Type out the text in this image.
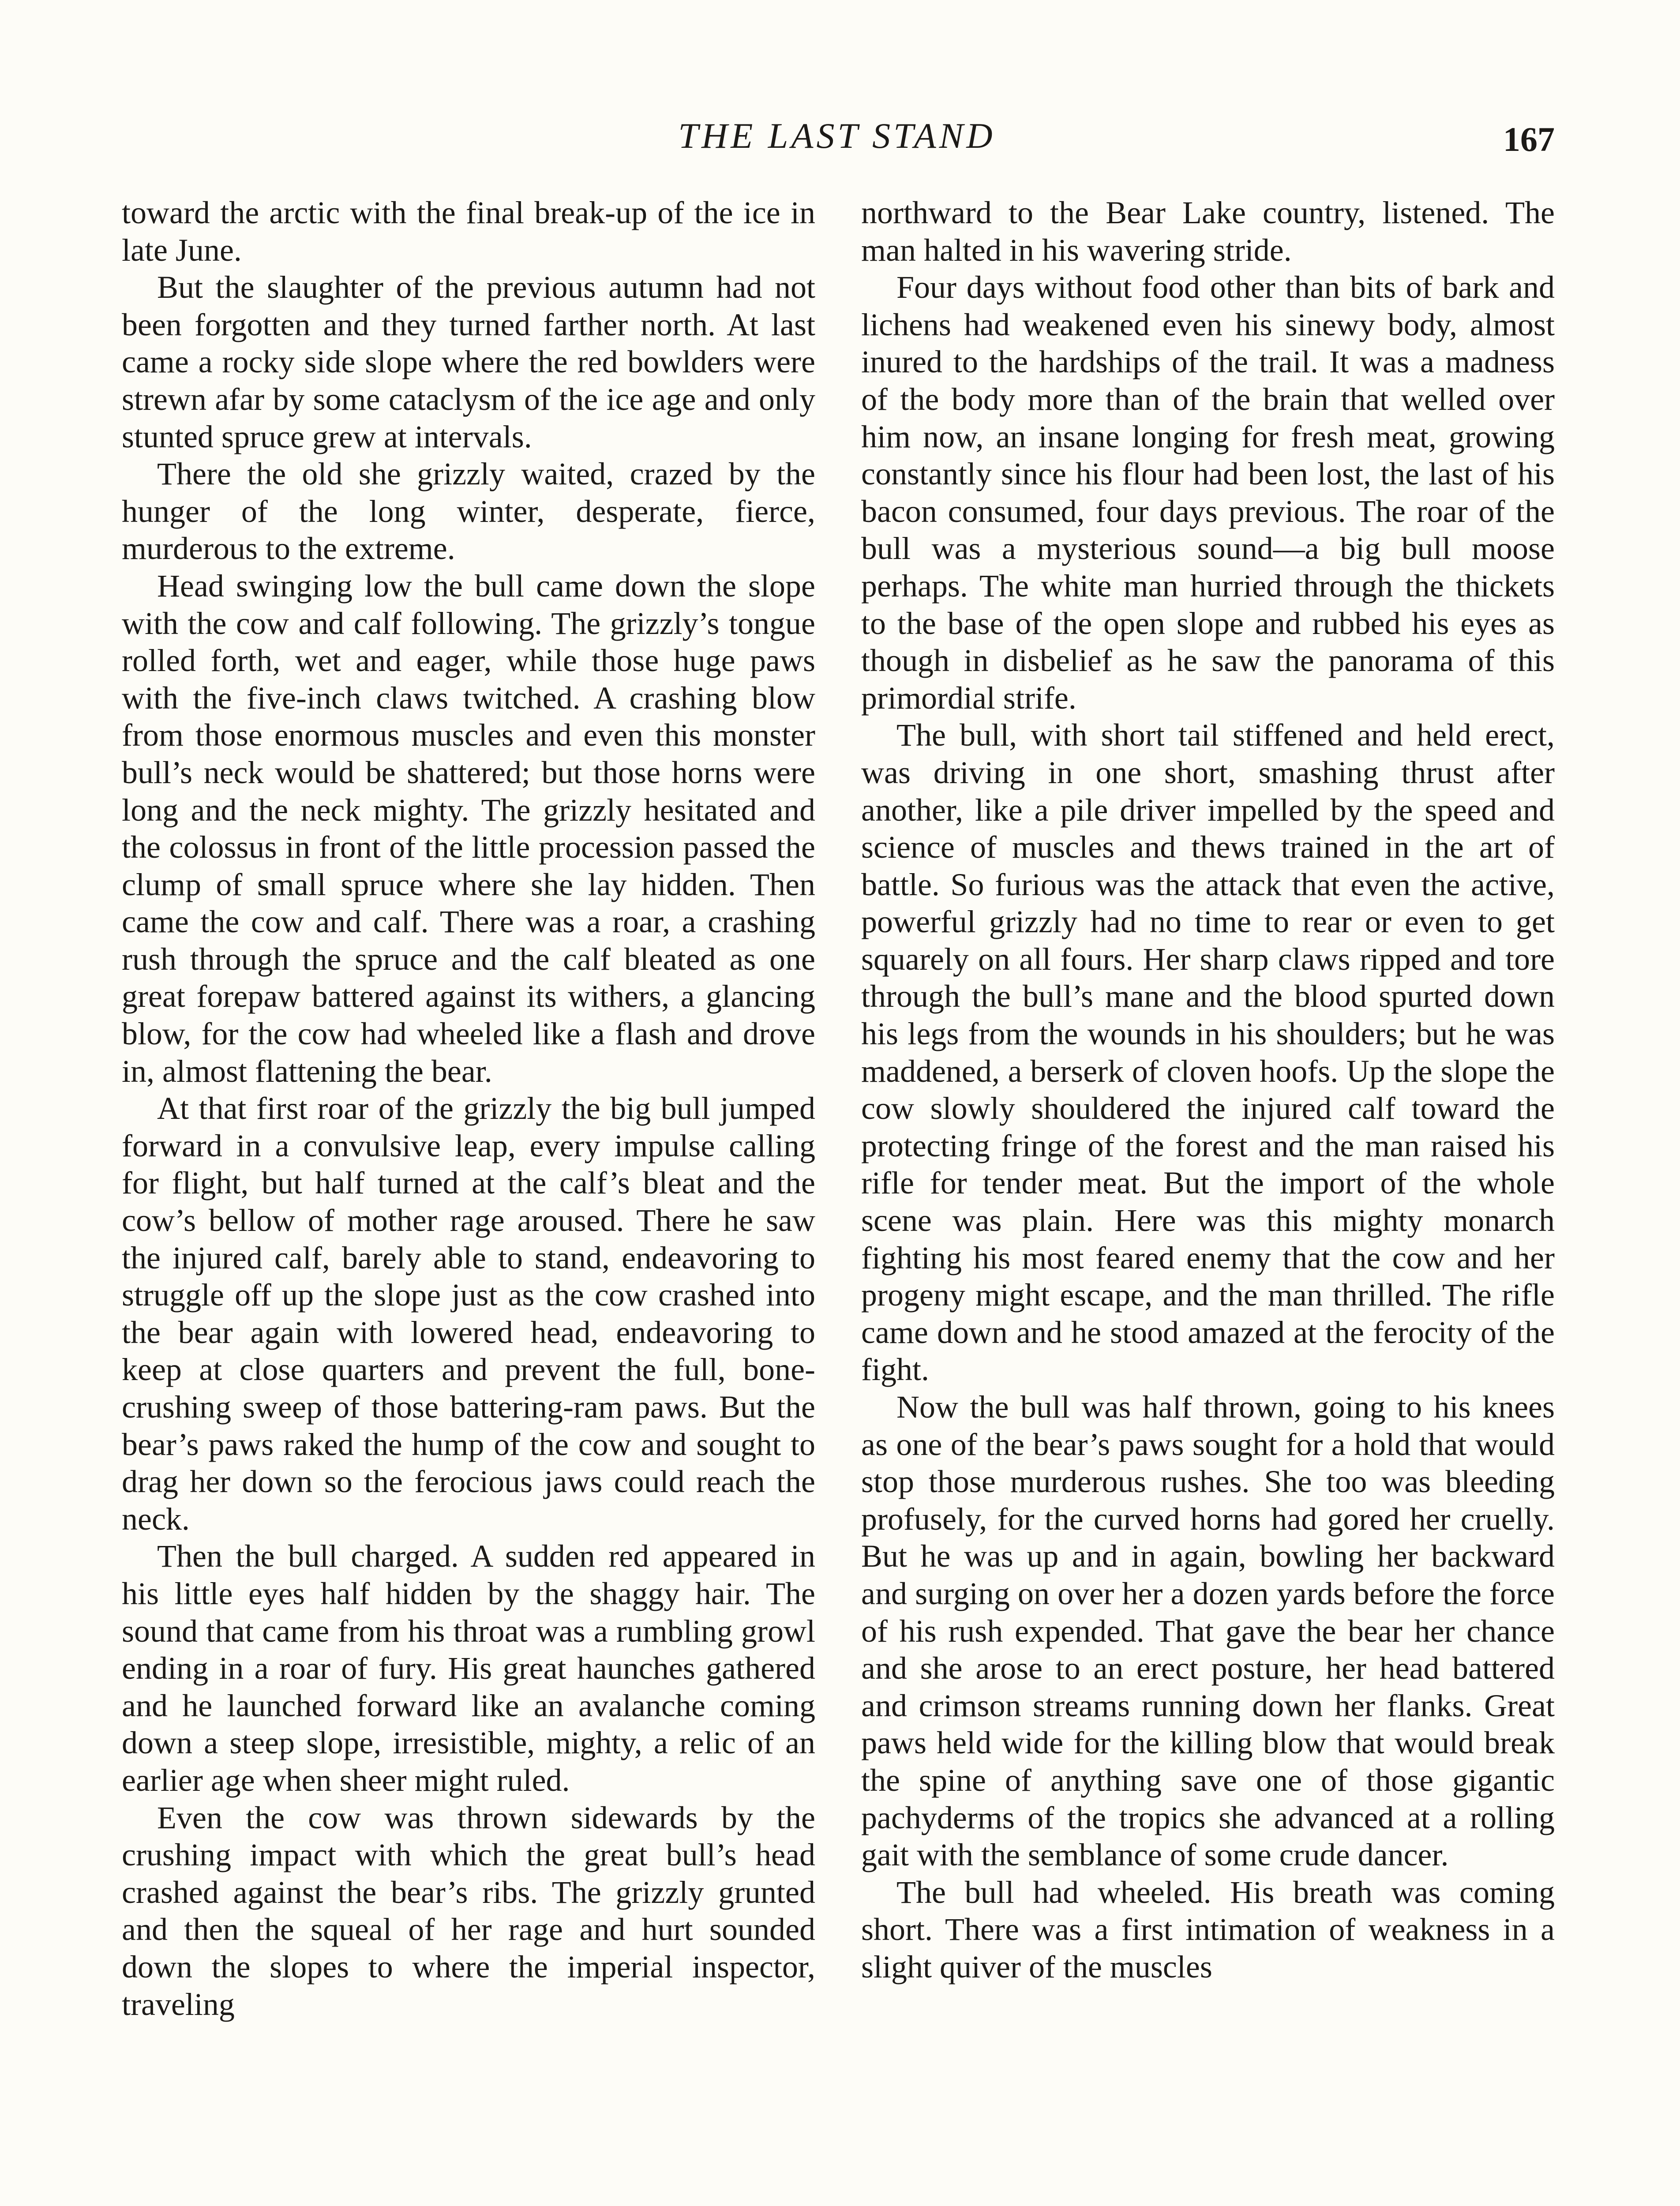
THE LAST STAND	167

toward the arctic with the final break-up of the ice in late June.

But the slaughter of the previous autumn had not been forgotten and they turned farther north. At last came a rocky side slope where the red bowlders were strewn afar by some cataclysm of the ice age and only stunted spruce grew at intervals.

There the old she grizzly waited, crazed by the hunger of the long winter, desperate, fierce, murderous to the extreme.

Head swinging low the bull came down the slope with the cow and calf following. The grizzly’s tongue rolled forth, wet and eager, while those huge paws with the five-inch claws twitched. A crashing blow from those enormous muscles and even this monster bull’s neck would be shattered; but those horns were long and the neck mighty. The grizzly hesitated and the colossus in front of the little procession passed the clump of small spruce where she lay hidden. Then came the cow and calf. There was a roar, a crashing rush through the spruce and the calf bleated as one great forepaw battered against its withers, a glancing blow, for the cow had wheeled like a flash and drove in, almost flattening the bear.

At that first roar of the grizzly the big bull jumped forward in a convulsive leap, every impulse calling for flight, but half turned at the calf’s bleat and the cow’s bellow of mother rage aroused. There he saw the injured calf, barely able to stand, endeavoring to struggle off up the slope just as the cow crashed into the bear again with lowered head, endeavoring to keep at close quarters and prevent the full, bone-crushing sweep of those battering-ram paws. But the bear’s paws raked the hump of the cow and sought to drag her down so the ferocious jaws could reach the neck.

Then the bull charged. A sudden red appeared in his little eyes half hidden by the shaggy hair. The sound that came from his throat was a rumbling growl ending in a roar of fury. His great haunches gathered and he launched forward like an avalanche coming down a steep slope, irresistible, mighty, a relic of an earlier age when sheer might ruled.

Even the cow was thrown sidewards by the crushing impact with which the great bull’s head crashed against the bear’s ribs. The grizzly grunted and then the squeal of her rage and hurt sounded down the slopes to where the imperial inspector, traveling

northward to the Bear Lake country, listened. The man halted in his wavering stride.

Four days without food other than bits of bark and lichens had weakened even his sinewy body, almost inured to the hardships of the trail. It was a madness of the body more than of the brain that welled over him now, an insane longing for fresh meat, growing constantly since his flour had been lost, the last of his bacon consumed, four days previous. The roar of the bull was a mysterious sound—a big bull moose perhaps. The white man hurried through the thickets to the base of the open slope and rubbed his eyes as though in disbelief as he saw the panorama of this primordial strife.

The bull, with short tail stiffened and held erect, was driving in one short, smashing thrust after another, like a pile driver impelled by the speed and science of muscles and thews trained in the art of battle. So furious was the attack that even the active, powerful grizzly had no time to rear or even to get squarely on all fours. Her sharp claws ripped and tore through the bull’s mane and the blood spurted down his legs from the wounds in his shoulders; but he was maddened, a berserk of cloven hoofs. Up the slope the cow slowly shouldered the injured calf toward the protecting fringe of the forest and the man raised his rifle for tender meat. But the import of the whole scene was plain. Here was this mighty monarch fighting his most feared enemy that the cow and her progeny might escape, and the man thrilled. The rifle came down and he stood amazed at the ferocity of the fight.

Now the bull was half thrown, going to his knees as one of the bear’s paws sought for a hold that would stop those murderous rushes. She too was bleeding profusely, for the curved horns had gored her cruelly. But he was up and in again, bowling her backward and surging on over her a dozen yards before the force of his rush expended. That gave the bear her chance and she arose to an erect posture, her head battered and crimson streams running down her flanks. Great paws held wide for the killing blow that would break the spine of anything save one of those gigantic pachyderms of the tropics she advanced at a rolling gait with the semblance of some crude dancer.

The bull had wheeled. His breath was coming short. There was a first intimation of weakness in a slight quiver of the muscles
